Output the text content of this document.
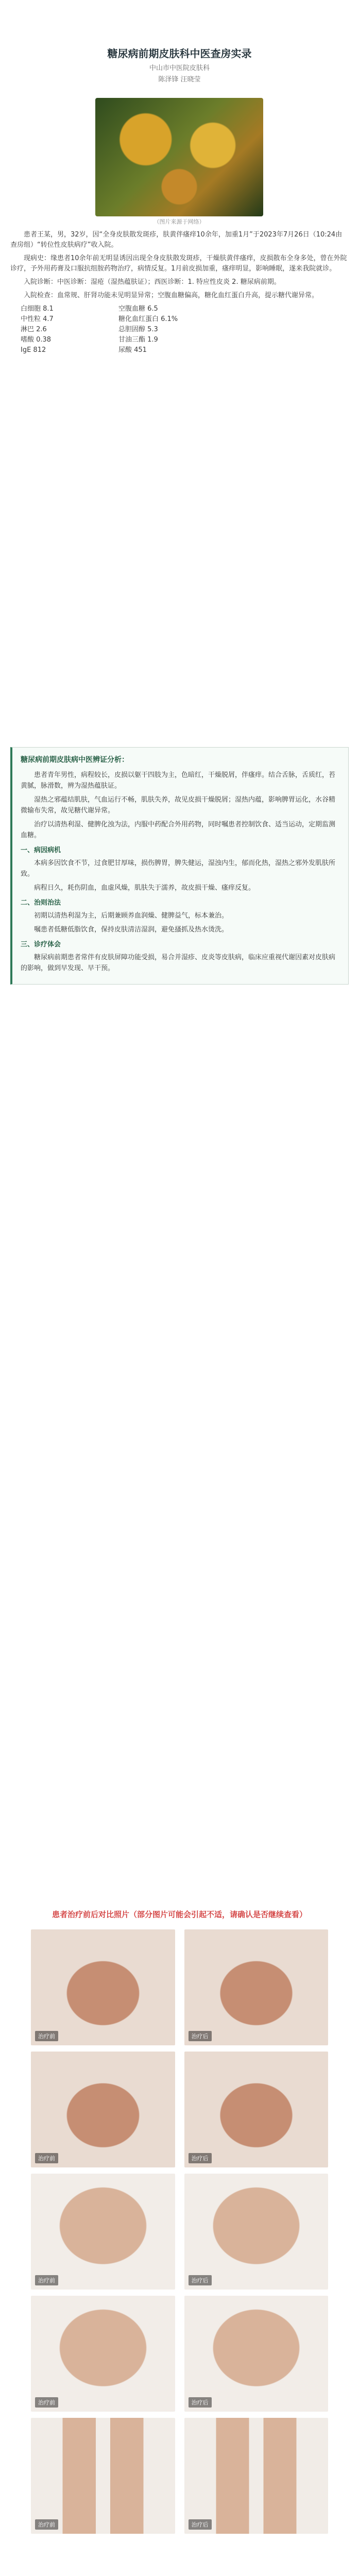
糖尿病前期皮肤科中医查房实录
中山市中医院皮肤科
陈泽锋 汪晓莹
（图片来源于网络）

患者王某，男，32岁，因“全身皮肤散发斑疹，肤黄伴瘙痒10余年，加重1月”于2023年7月26日（10:24由查房组）“转位性皮肤病疗”收入院。

现病史：缘患者10余年前无明显诱因出现全身皮肤散发斑疹，干燥肤黄伴瘙痒，皮损散布全身多处，曾在外院诊疗，予外用药膏及口服抗组胺药物治疗，病情反复。1月前皮损加重，瘙痒明显，影响睡眠，遂来我院就诊。

入院诊断：中医诊断：湿疮（湿热蕴肤证）；西医诊断：1. 特应性皮炎 2. 糖尿病前期。

入院检查：血常规、肝肾功能未见明显异常；空腹血糖偏高，糖化血红蛋白升高，提示糖代谢异常。

白细胞 8.1	空腹血糖 6.5
中性粒 4.7	糖化血红蛋白 6.1%
淋巴 2.6	总胆固醇 5.3
嗜酸 0.38	甘油三酯 1.9
IgE 812	尿酸 451
糖尿病前期皮肤病中医辨证分析：

患者青年男性，病程较长，皮损以躯干四肢为主，色暗红，干燥脱屑，伴瘙痒。结合舌脉，舌质红，苔黄腻，脉滑数，辨为湿热蕴肤证。

湿热之邪蕴结肌肤，气血运行不畅，肌肤失养，故见皮损干燥脱屑；湿热内蕴，影响脾胃运化，水谷精微输布失常，故见糖代谢异常。

治疗以清热利湿、健脾化浊为法，内服中药配合外用药物，同时嘱患者控制饮食、适当运动，定期监测血糖。

一、病因病机

本病多因饮食不节，过食肥甘厚味，损伤脾胃，脾失健运，湿浊内生，郁而化热，湿热之邪外发肌肤所致。

病程日久，耗伤阴血，血虚风燥，肌肤失于濡养，故皮损干燥、瘙痒反复。

二、治则治法

初期以清热利湿为主，后期兼顾养血润燥、健脾益气，标本兼治。

嘱患者低糖低脂饮食，保持皮肤清洁湿润，避免搔抓及热水烫洗。

三、诊疗体会

糖尿病前期患者常伴有皮肤屏障功能受损，易合并湿疹、皮炎等皮肤病，临床应重视代谢因素对皮肤病的影响，做到早发现、早干预。

患者治疗前后对比照片（部分图片可能会引起不适，请确认是否继续查看）
治疗前	治疗后
治疗前	治疗后
治疗前	治疗后
治疗前	治疗后
治疗前	治疗后
